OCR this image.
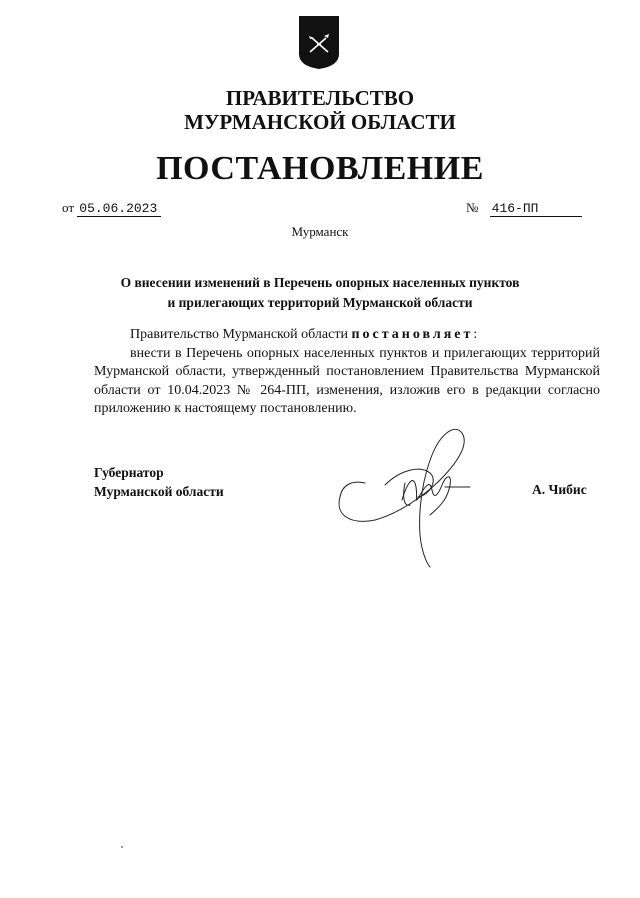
ПРАВИТЕЛЬСТВО
МУРМАНСКОЙ ОБЛАСТИ
ПОСТАНОВЛЕНИЕ
от 05.06.2023	№ 416-ПП
Мурманск
О внесении изменений в Перечень опорных населенных пунктов
и прилегающих территорий Мурманской области

Правительство Мурманской области постановляет:

внести в Перечень опорных населенных пунктов и прилегающих территорий Мурманской области, утвержденный постановлением Правительства Мурманской области от 10.04.2023 № 264-ПП, изменения, изложив его в редакции согласно приложению к настоящему постановлению.

Губернатор
Мурманской области	А. Чибис
